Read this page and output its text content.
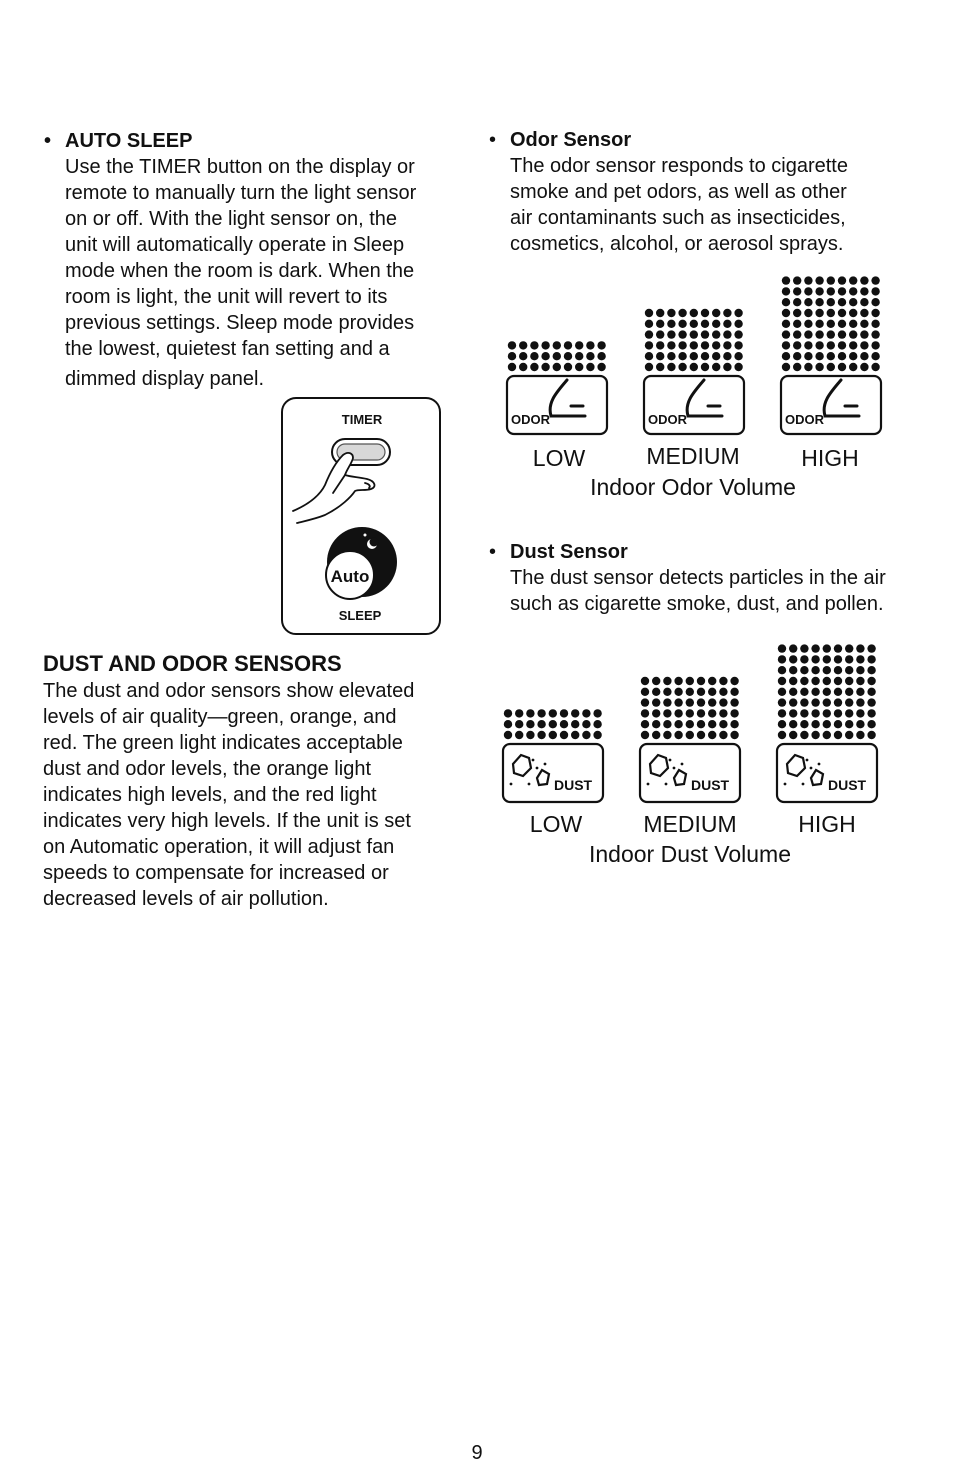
• AUTO SLEEP
Use the TIMER button on the display or
remote to manually turn the light sensor
on or off. With the light sensor on, the
unit will automatically operate in Sleep
mode when the room is dark. When the
room is light, the unit will revert to its
previous settings. Sleep mode provides
the lowest, quietest fan setting and a
dimmed display panel.
TIMER
Auto
SLEEP
DUST AND ODOR SENSORS
The dust and odor sensors show elevated
levels of air quality—green, orange, and
red. The green light indicates acceptable
dust and odor levels, the orange light
indicates high levels, and the red light
indicates very high levels. If the unit is set
on Automatic operation, it will adjust fan
speeds to compensate for increased or
decreased levels of air pollution.
• Odor Sensor
The odor sensor responds to cigarette
smoke and pet odors, as well as other
air contaminants such as insecticides,
cosmetics, alcohol, or aerosol sprays.
ODOR	ODOR	ODOR
LOW	MEDIUM	HIGH
Indoor Odor Volume
• Dust Sensor
The dust sensor detects particles in the air
such as cigarette smoke, dust, and pollen.
DUST	DUST	DUST
LOW	MEDIUM	HIGH
Indoor Dust Volume
9
